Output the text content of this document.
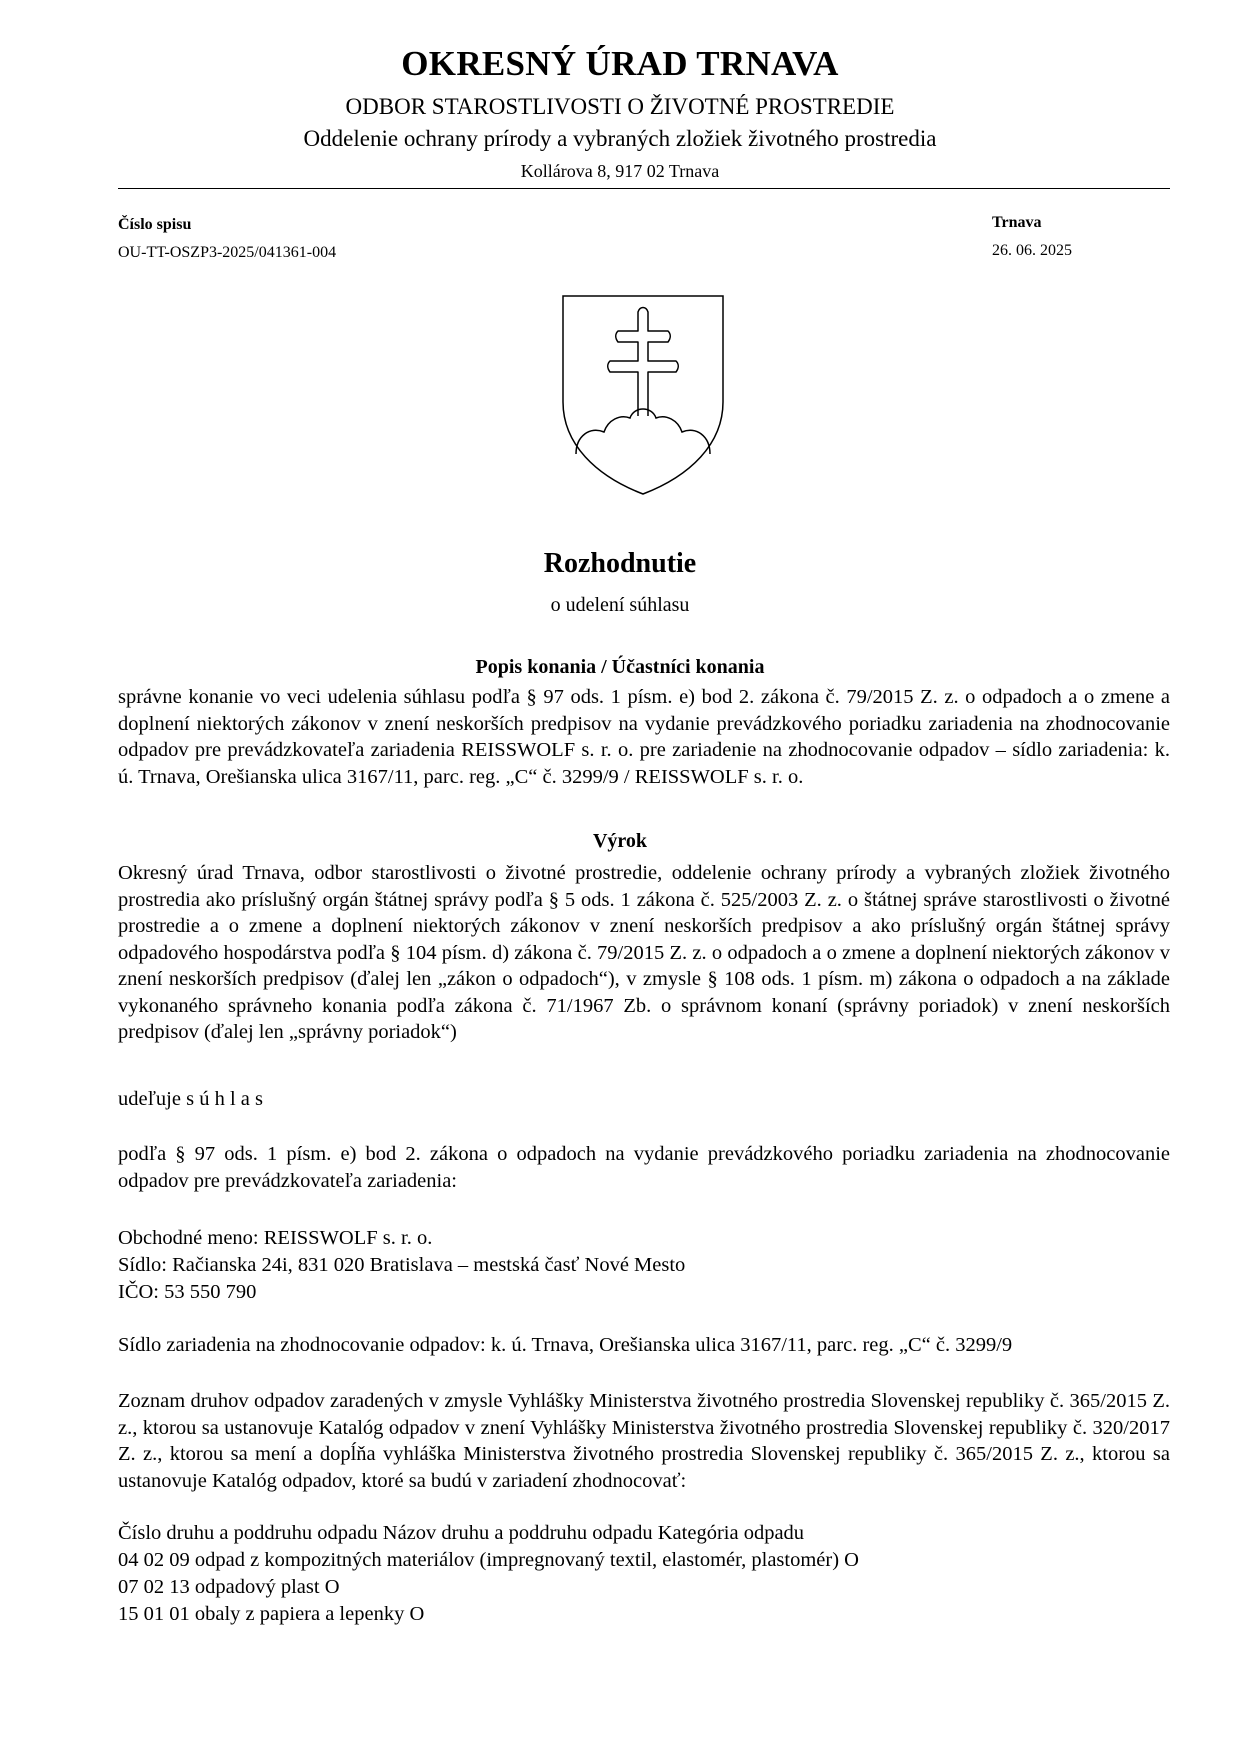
OKRESNÝ ÚRAD TRNAVA
ODBOR STAROSTLIVOSTI O ŽIVOTNÉ PROSTREDIE
Oddelenie ochrany prírody a vybraných zložiek životného prostredia
Kollárova 8, 917 02 Trnava
Číslo spisu
OU-TT-OSZP3-2025/041361-004
Trnava
26. 06. 2025
Rozhodnutie
o udelení súhlasu
Popis konania / Účastníci konania

správne konanie vo veci udelenia súhlasu podľa § 97 ods. 1 písm. e) bod 2. zákona č. 79/2015 Z. z. o odpadoch a o zmene a doplnení niektorých zákonov v znení neskorších predpisov na vydanie prevádzkového poriadku zariadenia na zhodnocovanie odpadov pre prevádzkovateľa zariadenia REISSWOLF s. r. o. pre zariadenie na zhodnocovanie odpadov – sídlo zariadenia: k. ú. Trnava, Orešianska ulica 3167/11, parc. reg. „C“ č. 3299/9 / REISSWOLF s. r. o.

Výrok

Okresný úrad Trnava, odbor starostlivosti o životné prostredie, oddelenie ochrany prírody a vybraných zložiek životného prostredia ako príslušný orgán štátnej správy podľa § 5 ods. 1 zákona č. 525/2003 Z. z. o štátnej správe starostlivosti o životné prostredie a o zmene a doplnení niektorých zákonov v znení neskorších predpisov a ako príslušný orgán štátnej správy odpadového hospodárstva podľa § 104 písm. d) zákona č. 79/2015 Z. z. o odpadoch a o zmene a doplnení niektorých zákonov v znení neskorších predpisov (ďalej len „zákon o odpadoch“), v zmysle § 108 ods. 1 písm. m) zákona o odpadoch a na základe vykonaného správneho konania podľa zákona č. 71/1967 Zb. o správnom konaní (správny poriadok) v znení neskorších predpisov (ďalej len „správny poriadok“)

udeľuje s ú h l a s

podľa § 97 ods. 1 písm. e) bod 2. zákona o odpadoch na vydanie prevádzkového poriadku zariadenia na zhodnocovanie odpadov pre prevádzkovateľa zariadenia:

Obchodné meno: REISSWOLF s. r. o.
Sídlo: Račianska 24i, 831 020 Bratislava – mestská časť Nové Mesto
IČO: 53 550 790
Sídlo zariadenia na zhodnocovanie odpadov: k. ú. Trnava, Orešianska ulica 3167/11, parc. reg. „C“ č. 3299/9

Zoznam druhov odpadov zaradených v zmysle Vyhlášky Ministerstva životného prostredia Slovenskej republiky č. 365/2015 Z. z., ktorou sa ustanovuje Katalóg odpadov v znení Vyhlášky Ministerstva životného prostredia Slovenskej republiky č. 320/2017 Z. z., ktorou sa mení a dopĺňa vyhláška Ministerstva životného prostredia Slovenskej republiky č. 365/2015 Z. z., ktorou sa ustanovuje Katalóg odpadov, ktoré sa budú v zariadení zhodnocovať:

Číslo druhu a poddruhu odpadu Názov druhu a poddruhu odpadu Kategória odpadu
04 02 09 odpad z kompozitných materiálov (impregnovaný textil, elastomér, plastomér) O
07 02 13 odpadový plast O
15 01 01 obaly z papiera a lepenky O
